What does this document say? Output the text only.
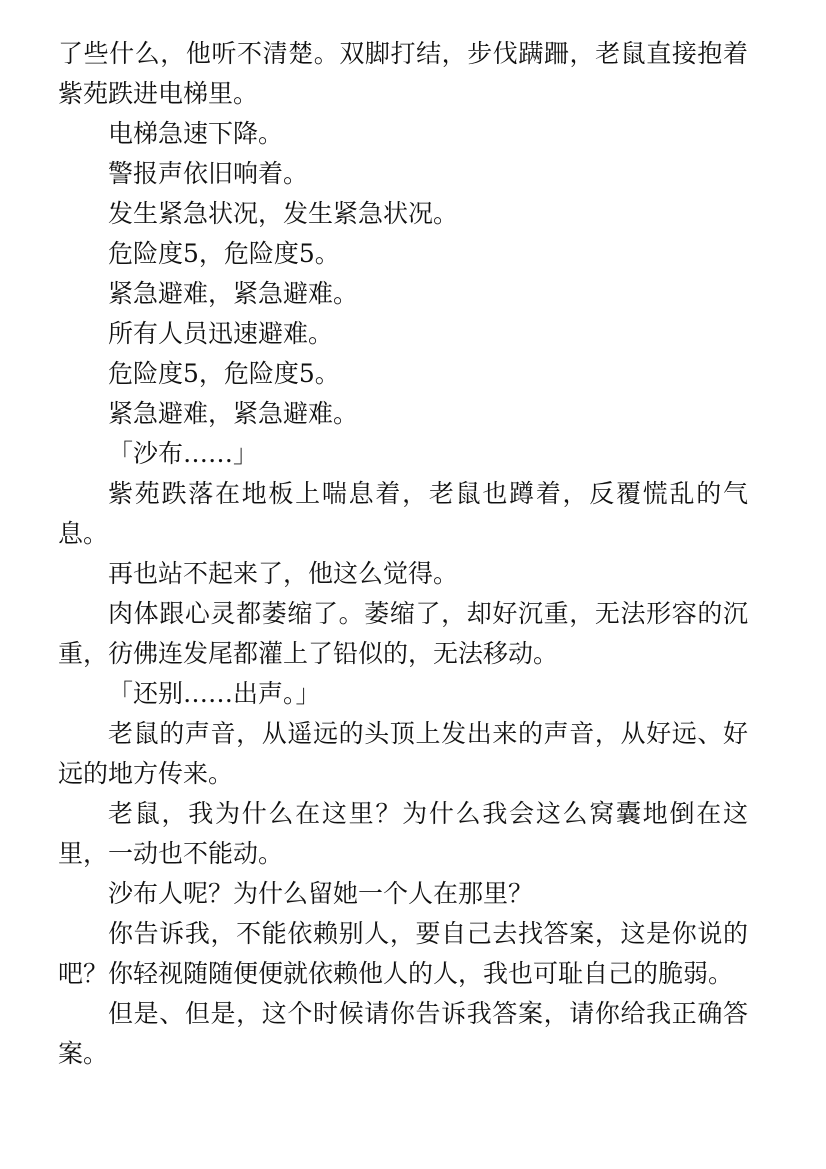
了些什么，他听不清楚。双脚打结，步伐蹒跚，老鼠直接抱着紫苑跌进电梯里。

电梯急速下降。

警报声依旧响着。

发生紧急状况，发生紧急状况。

危险度5，危险度5。

紧急避难，紧急避难。

所有人员迅速避难。

危险度5，危险度5。

紧急避难，紧急避难。

「沙布……」

紫苑跌落在地板上喘息着，老鼠也蹲着，反覆慌乱的气息。

再也站不起来了，他这么觉得。

肉体跟心灵都萎缩了。萎缩了，却好沉重，无法形容的沉重，彷佛连发尾都灌上了铅似的，无法移动。

「还别……出声。」

老鼠的声音，从遥远的头顶上发出来的声音，从好远、好远的地方传来。

老鼠，我为什么在这里？为什么我会这么窝囊地倒在这里，一动也不能动。

沙布人呢？为什么留她一个人在那里？

你告诉我，不能依赖别人，要自己去找答案，这是你说的吧？你轻视随随便便就依赖他人的人，我也可耻自己的脆弱。

但是、但是，这个时候请你告诉我答案，请你给我正确答案。
